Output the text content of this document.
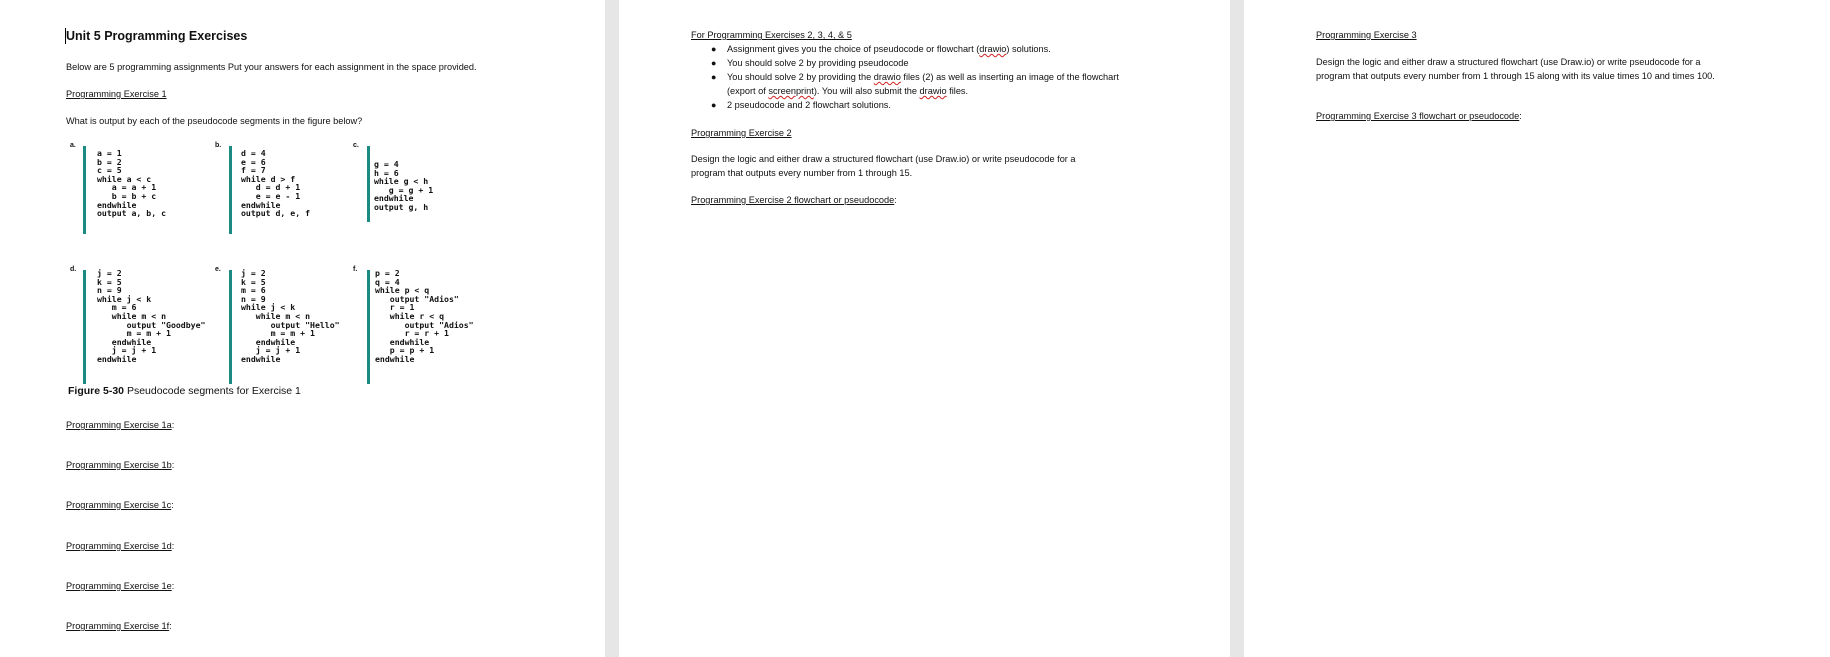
Unit 5 Programming Exercises
Below are 5 programming assignments Put your answers for each assignment in the space provided.
Programming Exercise 1
What is output by each of the pseudocode segments in the figure below?
a.
a = 1
b = 2
c = 5
while a < c
a = a + 1
b = b + c
endwhile
output a, b, c
b.
d = 4
e = 6
f = 7
while d > f
d = d + 1
e = e - 1
endwhile
output d, e, f
c.
g = 4
h = 6
while g < h
g = g + 1
endwhile
output g, h
d.	j = 2
k = 5
n = 9
while j < k
m = 6
while m < n
output "Goodbye"
m = m + 1
endwhile
j = j + 1
endwhile
e. j = 2
k = 5
m = 6
n = 9
while j < k
while m < n
output "Hello"
m = m + 1
endwhile
j = j + 1
endwhile
f. p = 2
q = 4
while p < q
output "Adios"
r = 1
while r < q
output "Adios"
r = r + 1
endwhile
p = p + 1
endwhile
Figure 5-30 Pseudocode segments for Exercise 1
Programming Exercise 1a:
Programming Exercise 1b:
Programming Exercise 1c:
Programming Exercise 1d:
Programming Exercise 1e:
Programming Exercise 1f:
For Programming Exercises 2, 3, 4, & 5
● Assignment gives you the choice of pseudocode or flowchart (drawio) solutions.
● You should solve 2 by providing pseudocode
● You should solve 2 by providing the drawio files (2) as well as inserting an image of the flowchart
(export of screenprint). You will also submit the drawio files.
● 2 pseudocode and 2 flowchart solutions.
Programming Exercise 2
Design the logic and either draw a structured flowchart (use Draw.io) or write pseudocode for a
program that outputs every number from 1 through 15.
Programming Exercise 2 flowchart or pseudocode:
Programming Exercise 3
Design the logic and either draw a structured flowchart (use Draw.io) or write pseudocode for a
program that outputs every number from 1 through 15 along with its value times 10 and times 100.
Programming Exercise 3 flowchart or pseudocode:
